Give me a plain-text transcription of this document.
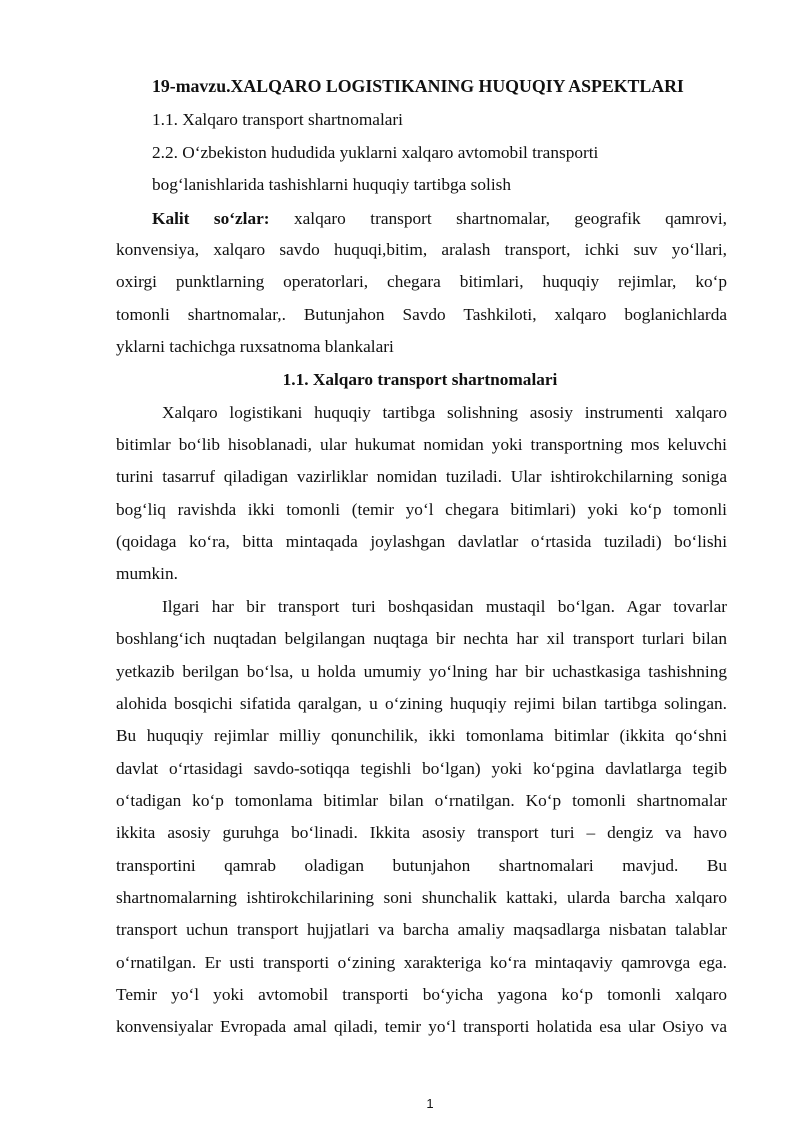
19-mavzu.XALQARO LOGISTIKANING HUQUQIY ASPEKTLARI
1.1. Xalqaro transport shartnomalari
2.2. O‘zbekiston hududida yuklarni xalqaro avtomobil transporti
bog‘lanishlarida tashishlarni huquqiy tartibga solish
Kalit so‘zlar: xalqaro transport shartnomalar, geografik qamrovi,
konvensiya, xalqaro savdo huquqi,bitim, aralash transport, ichki suv yo‘llari,
oxirgi punktlarning operatorlari, chegara bitimlari, huquqiy rejimlar, ko‘p
tomonli shartnomalar,. Butunjahon Savdo Tashkiloti, xalqaro boglanichlarda
yklarni tachichga ruxsatnoma blankalari
1.1. Xalqaro transport shartnomalari
Xalqaro logistikani huquqiy tartibga solishning asosiy instrumenti xalqaro
bitimlar bo‘lib hisoblanadi, ular hukumat nomidan yoki transportning mos keluvchi
turini tasarruf qiladigan vazirliklar nomidan tuziladi. Ular ishtirokchilarning soniga
bog‘liq ravishda ikki tomonli (temir yo‘l chegara bitimlari) yoki ko‘p tomonli
(qoidaga ko‘ra, bitta mintaqada joylashgan davlatlar o‘rtasida tuziladi) bo‘lishi
mumkin.
Ilgari har bir transport turi boshqasidan mustaqil bo‘lgan. Agar tovarlar
boshlang‘ich nuqtadan belgilangan nuqtaga bir nechta har xil transport turlari bilan
yetkazib berilgan bo‘lsa, u holda umumiy yo‘lning har bir uchastkasiga tashishning
alohida bosqichi sifatida qaralgan, u o‘zining huquqiy rejimi bilan tartibga solingan.
Bu huquqiy rejimlar milliy qonunchilik, ikki tomonlama bitimlar (ikkita qo‘shni
davlat o‘rtasidagi savdo-sotiqqa tegishli bo‘lgan) yoki ko‘pgina davlatlarga tegib
o‘tadigan ko‘p tomonlama bitimlar bilan o‘rnatilgan. Ko‘p tomonli shartnomalar
ikkita asosiy guruhga bo‘linadi. Ikkita asosiy transport turi – dengiz va havo
transportini qamrab oladigan butunjahon shartnomalari mavjud. Bu
shartnomalarning ishtirokchilarining soni shunchalik kattaki, ularda barcha xalqaro
transport uchun transport hujjatlari va barcha amaliy maqsadlarga nisbatan talablar
o‘rnatilgan. Er usti transporti o‘zining xarakteriga ko‘ra mintaqaviy qamrovga ega.
Temir yo‘l yoki avtomobil transporti bo‘yicha yagona ko‘p tomonli xalqaro
konvensiyalar Evropada amal qiladi, temir yo‘l transporti holatida esa ular Osiyo va
1
